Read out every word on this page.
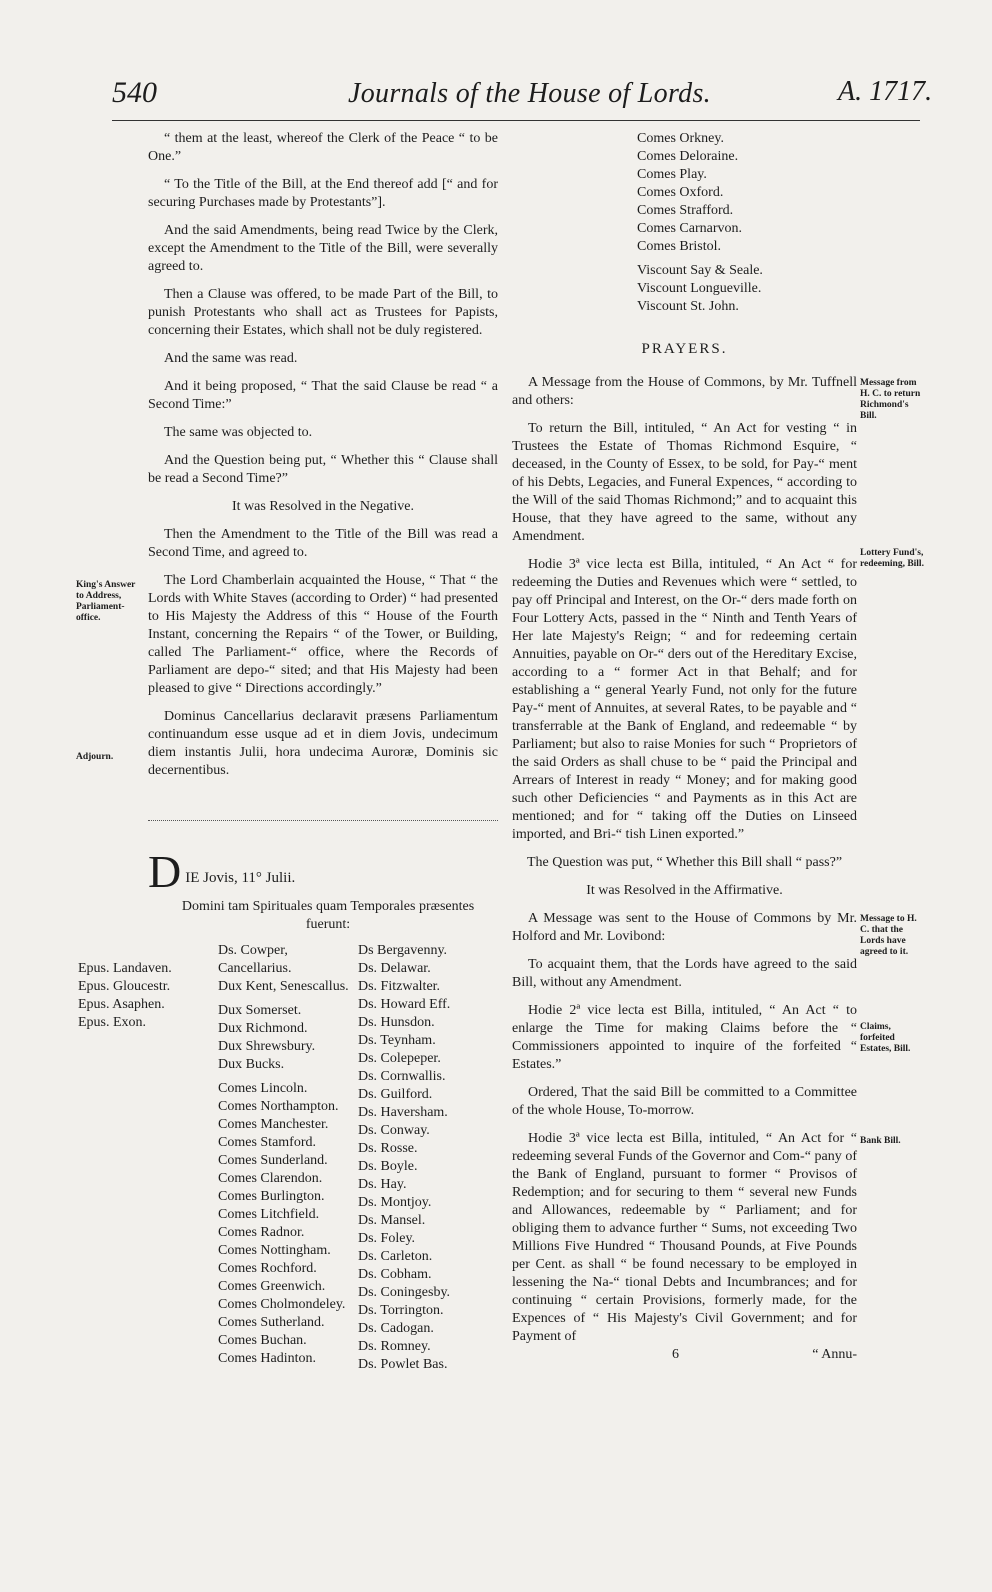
540	Journals of the House of Lords.	A. 1717.

“ them at the least, whereof the Clerk of the Peace “ to be One.”

“ To the Title of the Bill, at the End thereof add [“ and for securing Purchases made by Protestants”].

And the said Amendments, being read Twice by the Clerk, except the Amendment to the Title of the Bill, were severally agreed to.

Then a Clause was offered, to be made Part of the Bill, to punish Protestants who shall act as Trustees for Papists, concerning their Estates, which shall not be duly registered.

And the same was read.

And it being proposed, “ That the said Clause be read “ a Second Time:”

The same was objected to.

And the Question being put, “ Whether this “ Clause shall be read a Second Time?”

It was Resolved in the Negative.

Then the Amendment to the Title of the Bill was read a Second Time, and agreed to.

The Lord Chamberlain acquainted the House, “ That “ the Lords with White Staves (according to Order) “ had presented to His Majesty the Address of this “ House of the Fourth Instant, concerning the Repairs “ of the Tower, or Building, called The Parliament-“ office, where the Records of Parliament are depo-“ sited; and that His Majesty had been pleased to give “ Directions accordingly.”

Dominus Cancellarius declaravit præsens Parliamentum continuandum esse usque ad et in diem Jovis, undecimum diem instantis Julii, hora undecima Auroræ, Dominis sic decernentibus.

King's Answer to Address, Parliament-office.
Adjourn.
D IE Jovis, 11° Julii.
Domini tam Spirituales quam Temporales præsentes fuerunt:
Epus. Landaven.
Epus. Gloucestr.
Epus. Asaphen.
Epus. Exon.
Ds. Cowper, Cancellarius.
Dux Kent, Senescallus.
Dux Somerset.
Dux Richmond.
Dux Shrewsbury.
Dux Bucks.
Comes Lincoln.
Comes Northampton.
Comes Manchester.
Comes Stamford.
Comes Sunderland.
Comes Clarendon.
Comes Burlington.
Comes Litchfield.
Comes Radnor.
Comes Nottingham.
Comes Rochford.
Comes Greenwich.
Comes Cholmondeley.
Comes Sutherland.
Comes Buchan.
Comes Hadinton.
Ds Bergavenny.
Ds. Delawar.
Ds. Fitzwalter.
Ds. Howard Eff.
Ds. Hunsdon.
Ds. Teynham.
Ds. Colepeper.
Ds. Cornwallis.
Ds. Guilford.
Ds. Haversham.
Ds. Conway.
Ds. Rosse.
Ds. Boyle.
Ds. Hay.
Ds. Montjoy.
Ds. Mansel.
Ds. Foley.
Ds. Carleton.
Ds. Cobham.
Ds. Coningesby.
Ds. Torrington.
Ds. Cadogan.
Ds. Romney.
Ds. Powlet Bas.
Comes Orkney.
Comes Deloraine.
Comes Play.
Comes Oxford.
Comes Strafford.
Comes Carnarvon.
Comes Bristol.
Viscount Say & Seale.
Viscount Longueville.
Viscount St. John.
PRAYERS.

A Message from the House of Commons, by Mr. Tuffnell and others:

To return the Bill, intituled, “ An Act for vesting “ in Trustees the Estate of Thomas Richmond Esquire, “ deceased, in the County of Essex, to be sold, for Pay-“ ment of his Debts, Legacies, and Funeral Expences, “ according to the Will of the said Thomas Richmond;” and to acquaint this House, that they have agreed to the same, without any Amendment.

Hodie 3ª vice lecta est Billa, intituled, “ An Act “ for redeeming the Duties and Revenues which were “ settled, to pay off Principal and Interest, on the Or-“ ders made forth on Four Lottery Acts, passed in the “ Ninth and Tenth Years of Her late Majesty's Reign; “ and for redeeming certain Annuities, payable on Or-“ ders out of the Hereditary Excise, according to a “ former Act in that Behalf; and for establishing a “ general Yearly Fund, not only for the future Pay-“ ment of Annuites, at several Rates, to be payable and “ transferrable at the Bank of England, and redeemable “ by Parliament; but also to raise Monies for such “ Proprietors of the said Orders as shall chuse to be “ paid the Principal and Arrears of Interest in ready “ Money; and for making good such other Deficiencies “ and Payments as in this Act are mentioned; and for “ taking off the Duties on Linseed imported, and Bri-“ tish Linen exported.”

The Question was put, “ Whether this Bill shall “ pass?”

It was Resolved in the Affirmative.

A Message was sent to the House of Commons by Mr. Holford and Mr. Lovibond:

To acquaint them, that the Lords have agreed to the said Bill, without any Amendment.

Hodie 2ª vice lecta est Billa, intituled, “ An Act “ to enlarge the Time for making Claims before the “ Commissioners appointed to inquire of the forfeited “ Estates.”

Ordered, That the said Bill be committed to a Committee of the whole House, To-morrow.

Hodie 3ª vice lecta est Billa, intituled, “ An Act for “ redeeming several Funds of the Governor and Com-“ pany of the Bank of England, pursuant to former “ Provisos of Redemption; and for securing to them “ several new Funds and Allowances, redeemable by “ Parliament; and for obliging them to advance further “ Sums, not exceeding Two Millions Five Hundred “ Thousand Pounds, at Five Pounds per Cent. as shall “ be found necessary to be employed in lessening the Na-“ tional Debts and Incumbrances; and for continuing “ certain Provisions, formerly made, for the Expences of “ His Majesty's Civil Government; and for Payment of

6	“ Annu-
Message from H. C. to return Richmond's Bill.
Lottery Fund's, redeeming, Bill.
Message to H. C. that the Lords have agreed to it.
Claims, forfeited Estates, Bill.
Bank Bill.
